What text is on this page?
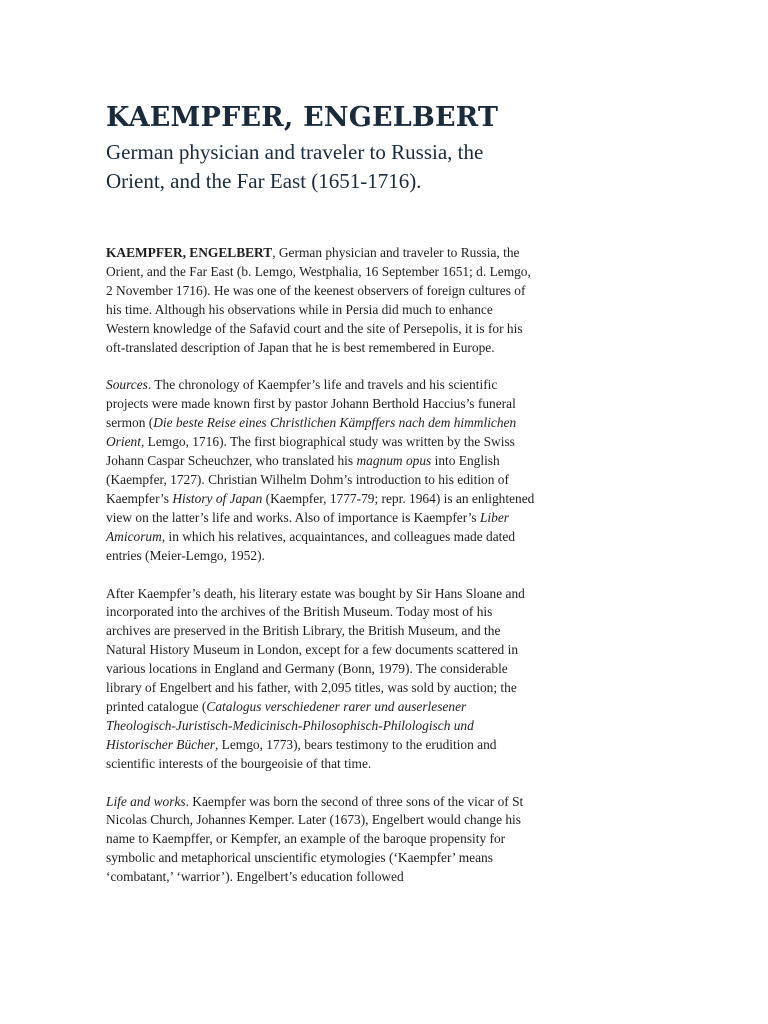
KAEMPFER, ENGELBERT
German physician and traveler to Russia, the Orient, and the Far East (1651-1716).

KAEMPFER, ENGELBERT, German physician and traveler to Russia, the Orient, and the Far East (b. Lemgo, Westphalia, 16 September 1651; d. Lemgo, 2 November 1716). He was one of the keenest observers of foreign cultures of his time. Although his observations while in Persia did much to enhance Western knowledge of the Safavid court and the site of Persepolis, it is for his oft-translated description of Japan that he is best remembered in Europe.

Sources. The chronology of Kaempfer’s life and travels and his scientific projects were made known first by pastor Johann Berthold Haccius’s funeral sermon (Die beste Reise eines Christlichen Kämpffers nach dem himmlichen Orient, Lemgo, 1716). The first biographical study was written by the Swiss Johann Caspar Scheuchzer, who translated his magnum opus into English (Kaempfer, 1727). Christian Wilhelm Dohm’s introduction to his edition of Kaempfer’s History of Japan (Kaempfer, 1777-79; repr. 1964) is an enlightened view on the latter’s life and works. Also of importance is Kaempfer’s Liber Amicorum, in which his relatives, acquaintances, and colleagues made dated entries (Meier-Lemgo, 1952).

After Kaempfer’s death, his literary estate was bought by Sir Hans Sloane and incorporated into the archives of the British Museum. Today most of his archives are preserved in the British Library, the British Museum, and the Natural History Museum in London, except for a few documents scattered in various locations in England and Germany (Bonn, 1979). The considerable library of Engelbert and his father, with 2,095 titles, was sold by auction; the printed catalogue (Catalogus verschiedener rarer und auserlesener Theologisch-Juristisch-Medicinisch-Philosophisch-Philologisch und Historischer Bücher, Lemgo, 1773), bears testimony to the erudition and scientific interests of the bourgeoisie of that time.

Life and works. Kaempfer was born the second of three sons of the vicar of St Nicolas Church, Johannes Kemper. Later (1673), Engelbert would change his name to Kaempffer, or Kempfer, an example of the baroque propensity for symbolic and metaphorical unscientific etymologies (‘Kaempfer’ means ‘combatant,’ ‘warrior’). Engelbert’s education followed
